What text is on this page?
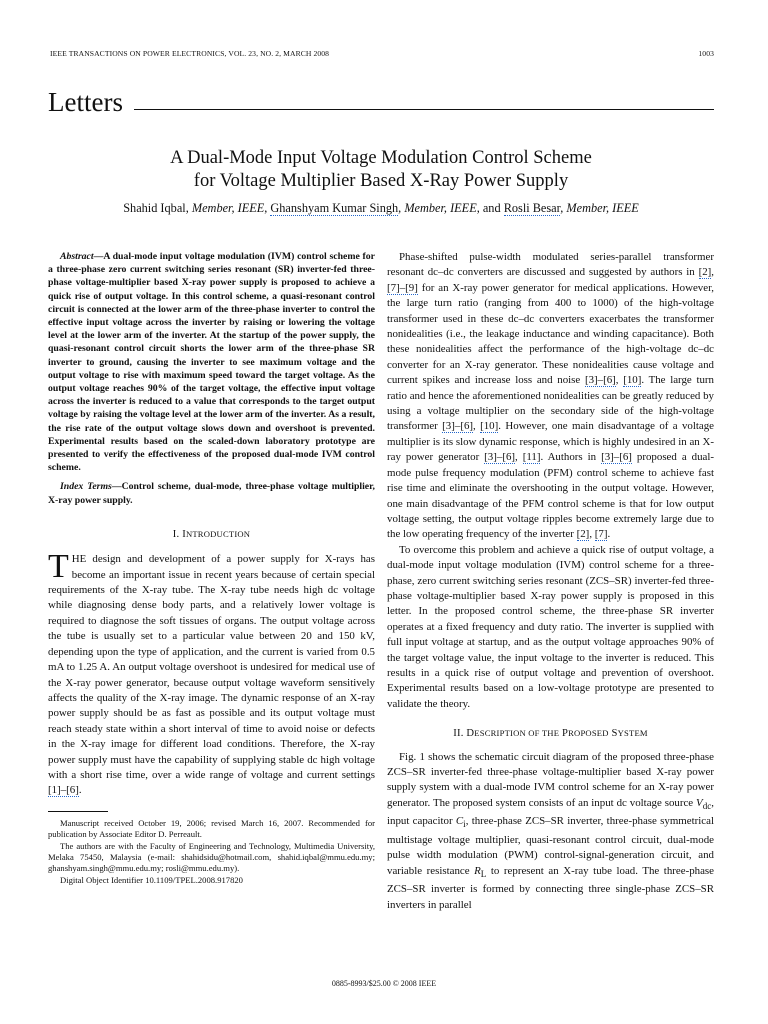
IEEE TRANSACTIONS ON POWER ELECTRONICS, VOL. 23, NO. 2, MARCH 2008	1003
Letters
A Dual-Mode Input Voltage Modulation Control Scheme
for Voltage Multiplier Based X-Ray Power Supply
Shahid Iqbal, Member, IEEE, Ghanshyam Kumar Singh, Member, IEEE, and Rosli Besar, Member, IEEE

Abstract—A dual-mode input voltage modulation (IVM) control scheme for a three-phase zero current switching series resonant (SR) inverter-fed three-phase voltage-multiplier based X-ray power supply is proposed to achieve a quick rise of output voltage. In this control scheme, a quasi-resonant control circuit is connected at the lower arm of the three-phase inverter to control the effective input voltage across the inverter by raising or lowering the voltage level at the lower arm of the inverter. At the startup of the power supply, the quasi-resonant control circuit shorts the lower arm of the three-phase SR inverter to ground, causing the inverter to see maximum voltage and the output voltage to rise with maximum speed toward the target voltage. As the output voltage reaches 90% of the target voltage, the effective input voltage across the inverter is reduced to a value that corresponds to the target output voltage by raising the voltage level at the lower arm of the inverter. As a result, the rise rate of the output voltage slows down and overshoot is prevented. Experimental results based on the scaled-down laboratory prototype are presented to verify the effectiveness of the proposed dual-mode IVM control scheme.

Index Terms—Control scheme, dual-mode, three-phase voltage multiplier, X-ray power supply.

I. INTRODUCTION

THE design and development of a power supply for X-rays has become an important issue in recent years because of certain special requirements of the X-ray tube. The X-ray tube needs high dc voltage while diagnosing dense body parts, and a relatively lower voltage is required to diagnose the soft tissues of organs. The output voltage across the tube is usually set to a particular value between 20 and 150 kV, depending upon the type of application, and the current is varied from 0.5 mA to 1.25 A. An output voltage overshoot is undesired for medical use of the X-ray power generator, because output voltage waveform sensitively affects the quality of the X-ray image. The dynamic response of an X-ray power supply should be as fast as possible and its output voltage must reach steady state within a short interval of time to avoid noise or defects in the X-ray image for different load conditions. Therefore, the X-ray power supply must have the capability of supplying stable dc high voltage with a short rise time, over a wide range of voltage and current settings [1]–[6].

Manuscript received October 19, 2006; revised March 16, 2007. Recommended for publication by Associate Editor D. Perreault.

The authors are with the Faculty of Engineering and Technology, Multimedia University, Melaka 75450, Malaysia (e-mail: shahidsidu@hotmail.com, shahid.iqbal@mmu.edu.my; ghanshyam.singh@mmu.edu.my; rosli@mmu.edu.my).

Digital Object Identifier 10.1109/TPEL.2008.917820

Phase-shifted pulse-width modulated series-parallel transformer resonant dc–dc converters are discussed and suggested by authors in [2], [7]–[9] for an X-ray power generator for medical applications. However, the large turn ratio (ranging from 400 to 1000) of the high-voltage transformer used in these dc–dc converters exacerbates the transformer nonidealities (i.e., the leakage inductance and winding capacitance). Both these nonidealities affect the performance of the high-voltage dc–dc converter for an X-ray generator. These nonidealities cause voltage and current spikes and increase loss and noise [3]–[6], [10]. The large turn ratio and hence the aforementioned nonidealities can be greatly reduced by using a voltage multiplier on the secondary side of the high-voltage transformer [3]–[6], [10]. However, one main disadvantage of a voltage multiplier is its slow dynamic response, which is highly undesired in an X-ray power generator [3]–[6], [11]. Authors in [3]–[6] proposed a dual-mode pulse frequency modulation (PFM) control scheme to achieve fast rise time and eliminate the overshooting in the output voltage. However, one main disadvantage of the PFM control scheme is that for low output voltage setting, the output voltage ripples become extremely large due to the low operating frequency of the inverter [2], [7].

To overcome this problem and achieve a quick rise of output voltage, a dual-mode input voltage modulation (IVM) control scheme for a three-phase, zero current switching series resonant (ZCS–SR) inverter-fed three-phase voltage-multiplier based X-ray power supply is proposed in this letter. In the proposed control scheme, the three-phase SR inverter operates at a fixed frequency and duty ratio. The inverter is supplied with full input voltage at startup, and as the output voltage approaches 90% of the target voltage value, the input voltage to the inverter is reduced. This results in a quick rise of output voltage and prevention of overshoot. Experimental results based on a low-voltage prototype are presented to validate the theory.

II. DESCRIPTION OF THE PROPOSED SYSTEM

Fig. 1 shows the schematic circuit diagram of the proposed three-phase ZCS–SR inverter-fed three-phase voltage-multiplier based X-ray power supply system with a dual-mode IVM control scheme for an X-ray power generator. The proposed system consists of an input dc voltage source $V_{dc}$, input capacitor $C_i$, three-phase ZCS–SR inverter, three-phase symmetrical multistage voltage multiplier, quasi-resonant control circuit, dual-mode pulse width modulation (PWM) control-signal-generation circuit, and variable resistance $R_L$ to represent an X-ray tube load. The three-phase ZCS–SR inverter is formed by connecting three single-phase ZCS–SR inverters in parallel

0885-8993/$25.00 © 2008 IEEE
